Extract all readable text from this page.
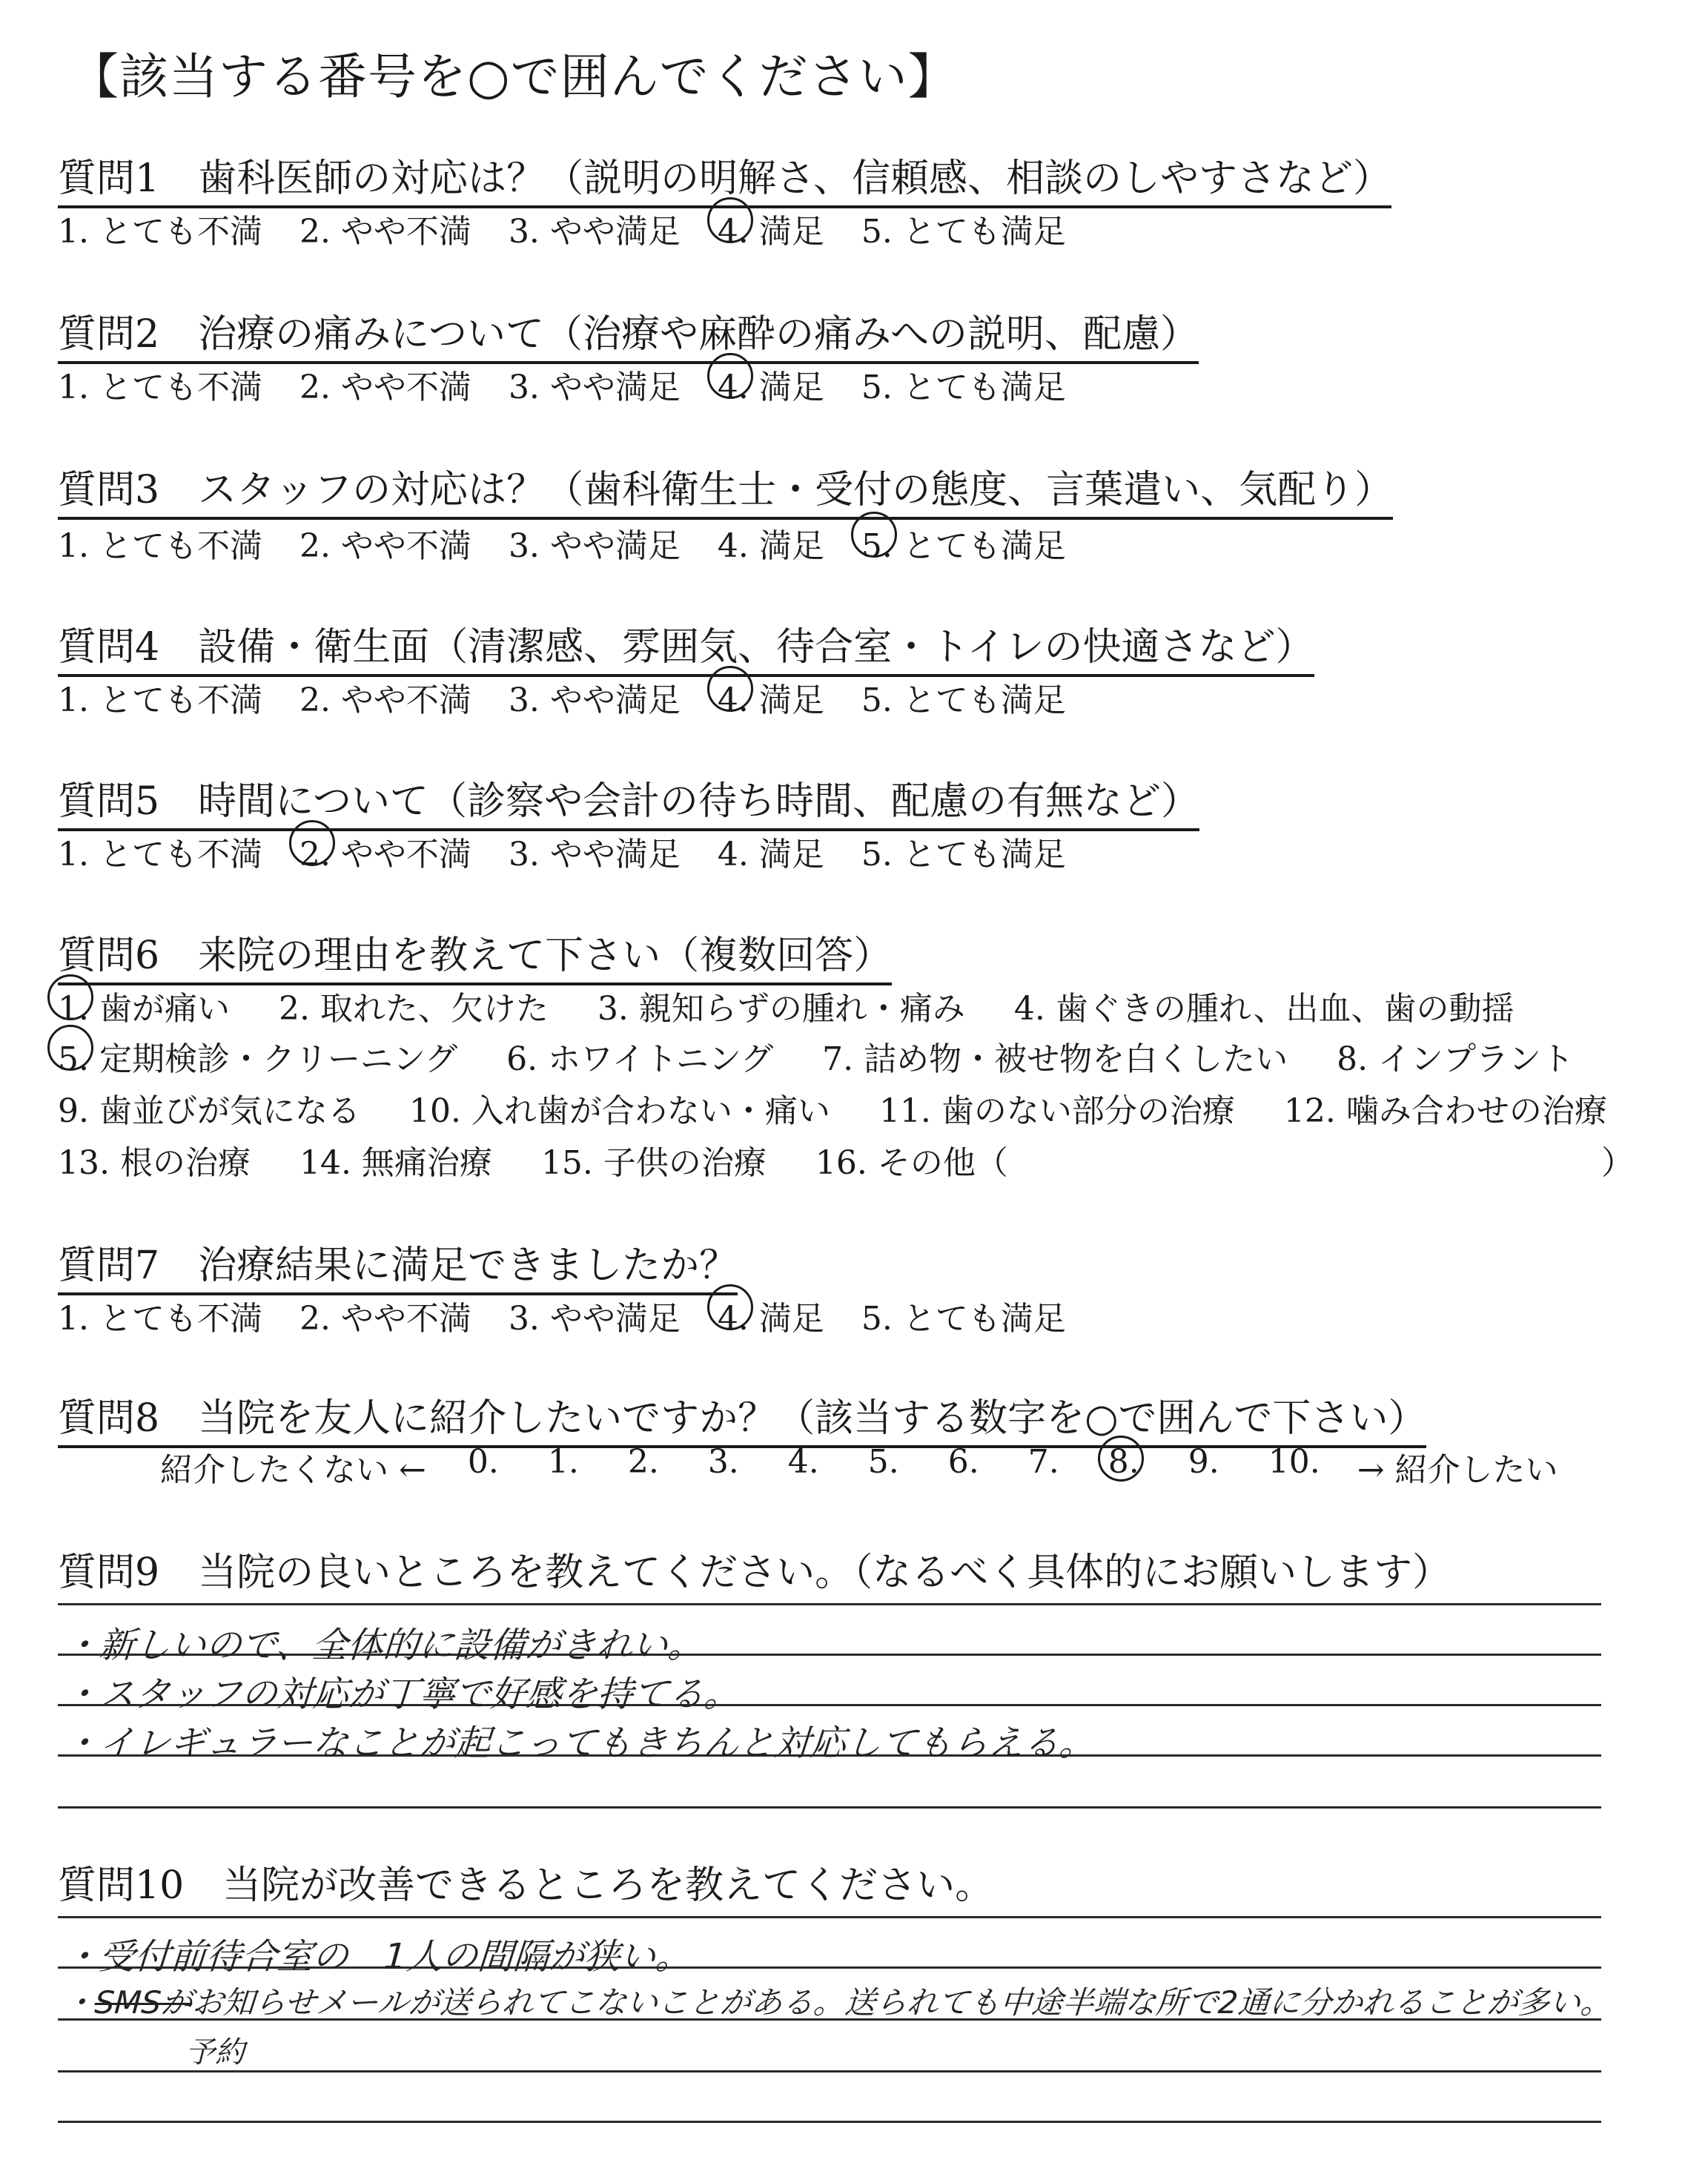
【該当する番号を○で囲んでください】
質問1　歯科医師の対応は？（説明の明解さ、信頼感、相談のしやすさなど）
1. とても不満 2. やや不満 3. やや満足 4. 満足 5. とても満足
質問2　治療の痛みについて（治療や麻酔の痛みへの説明、配慮）
1. とても不満 2. やや不満 3. やや満足 4. 満足 5. とても満足
質問3　スタッフの対応は？（歯科衛生士・受付の態度、言葉遣い、気配り）
1. とても不満 2. やや不満 3. やや満足 4. 満足 5. とても満足
質問4　設備・衛生面（清潔感、雰囲気、待合室・トイレの快適さなど）
1. とても不満 2. やや不満 3. やや満足 4. 満足 5. とても満足
質問5　時間について（診察や会計の待ち時間、配慮の有無など）
1. とても不満 2. やや不満 3. やや満足 4. 満足 5. とても満足
質問6　来院の理由を教えて下さい（複数回答）
1. 歯が痛い 2. 取れた、欠けた 3. 親知らずの腫れ・痛み 4. 歯ぐきの腫れ、出血、歯の動揺
5. 定期検診・クリーニング 6. ホワイトニング 7. 詰め物・被せ物を白くしたい 8. インプラント
9. 歯並びが気になる 10. 入れ歯が合わない・痛い 11. 歯のない部分の治療 12. 噛み合わせの治療
13. 根の治療 14. 無痛治療 15. 子供の治療 16. その他（	）
質問7　治療結果に満足できましたか？
1. とても不満 2. やや不満 3. やや満足 4. 満足 5. とても満足
質問8　当院を友人に紹介したいですか？（該当する数字を○で囲んで下さい）
紹介したくない ← 0. 1. 2. 3. 4. 5. 6. 7. 8. 9. 10. → 紹介したい
質問9　当院の良いところを教えてください。（なるべく具体的にお願いします）
・新しいので、全体的に設備がきれい。
・スタッフの対応が丁寧で好感を持てる。
・イレギュラーなことが起こってもきちんと対応してもらえる。
質問10　当院が改善できるところを教えてください。
・受付前待合室の　1人の間隔が狭い。
・SMSがお知らせメールが送られてこないことがある。送られても中途半端な所で2通に分かれることが多い。
予約
